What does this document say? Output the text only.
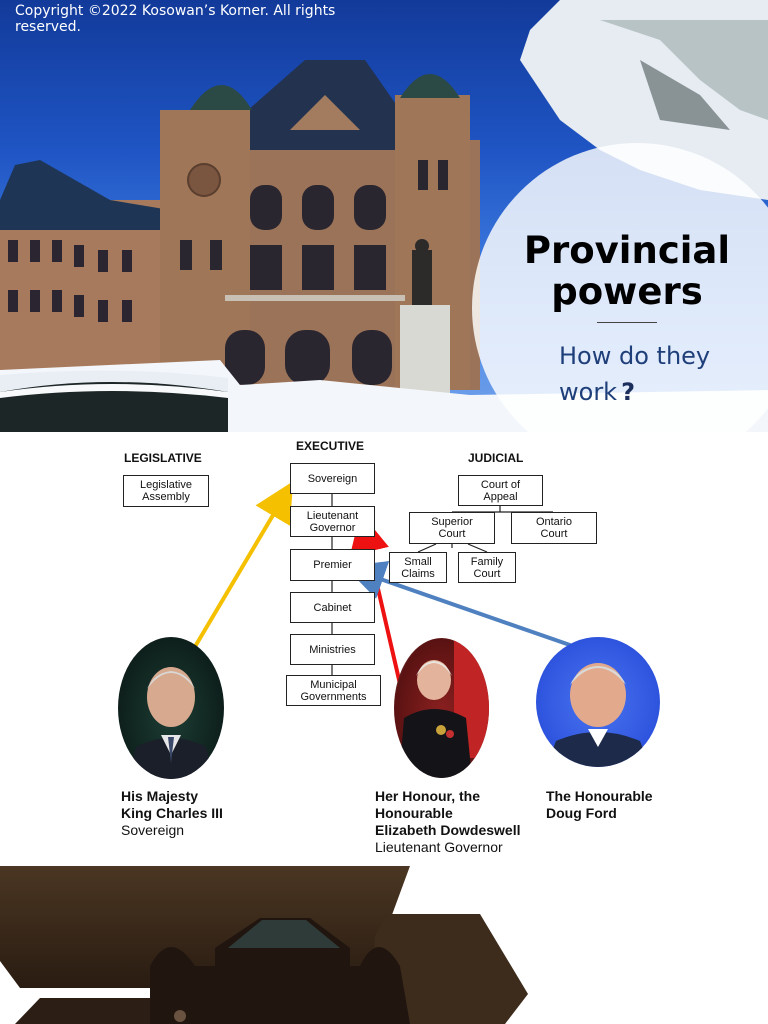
Copyright ©2022 Kosowan’s Korner. All rights reserved.
Provincial
powers
How do they
work ?
LEGISLATIVE
EXECUTIVE
JUDICIAL
Legislative
Assembly
Sovereign
Lieutenant
Governor
Premier
Cabinet
Ministries
Municipal
Governments
Court of
Appeal
Superior
Court
Ontario
Court
Small
Claims
Family
Court
His Majesty
King Charles III
Sovereign
Her Honour, the
Honourable
Elizabeth Dowdeswell
Lieutenant Governor
The Honourable
Doug Ford
